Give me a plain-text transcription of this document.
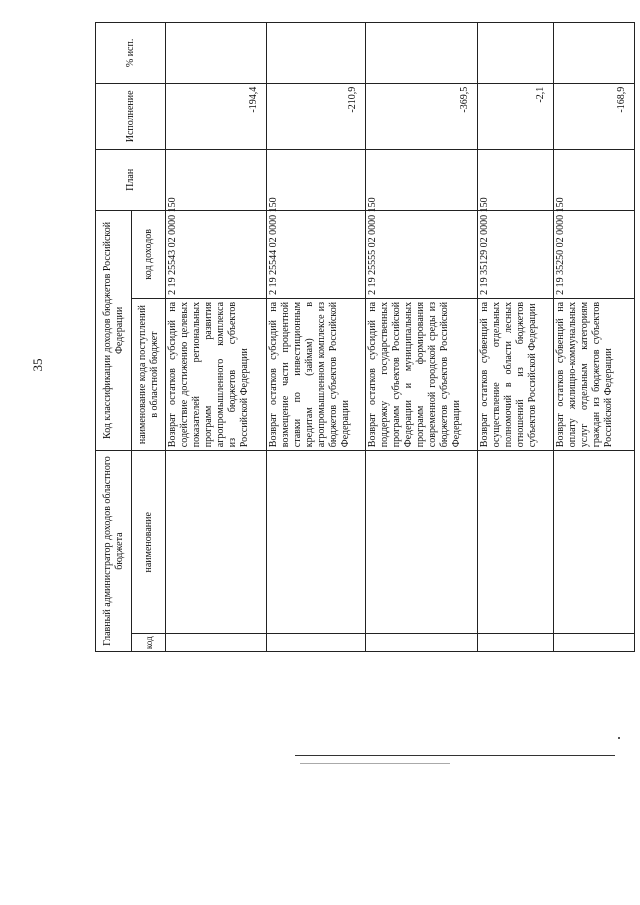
35
Главный администратор доходов областного бюджета		Код классификации доходов бюджетов Российской Федерации		План	Исполнение	% исп.
код	наименование	наименование кода поступлений в областной бюджет	код доходов			
		Возврат остатков субсидий на содействие достижению целевых показателей региональных программ развития агропромышленного комплекса из бюджетов субъектов Российской Федерации	2 19 25543 02 0000 150		-194,4	
		Возврат остатков субсидий на возмещение части процентной ставки по инвестиционным кредитам (займам) в агропромышленном комплексе из бюджетов субъектов Российской Федерации	2 19 25544 02 0000 150		-210,9	
		Возврат остатков субсидий на поддержку государственных программ субъектов Российской Федерации и муниципальных программ формирования современной городской среды из бюджетов субъектов Российской Федерации	2 19 25555 02 0000 150		-369,5	
		Возврат остатков субвенций на осуществление отдельных полномочий в области лесных отношений из бюджетов субъектов Российской Федерации	2 19 35129 02 0000 150		-2,1	
		Возврат остатков субвенций на оплату жилищно-коммунальных услуг отдельным категориям граждан из бюджетов субъектов Российской Федерации	2 19 35250 02 0000 150		-168,9	
